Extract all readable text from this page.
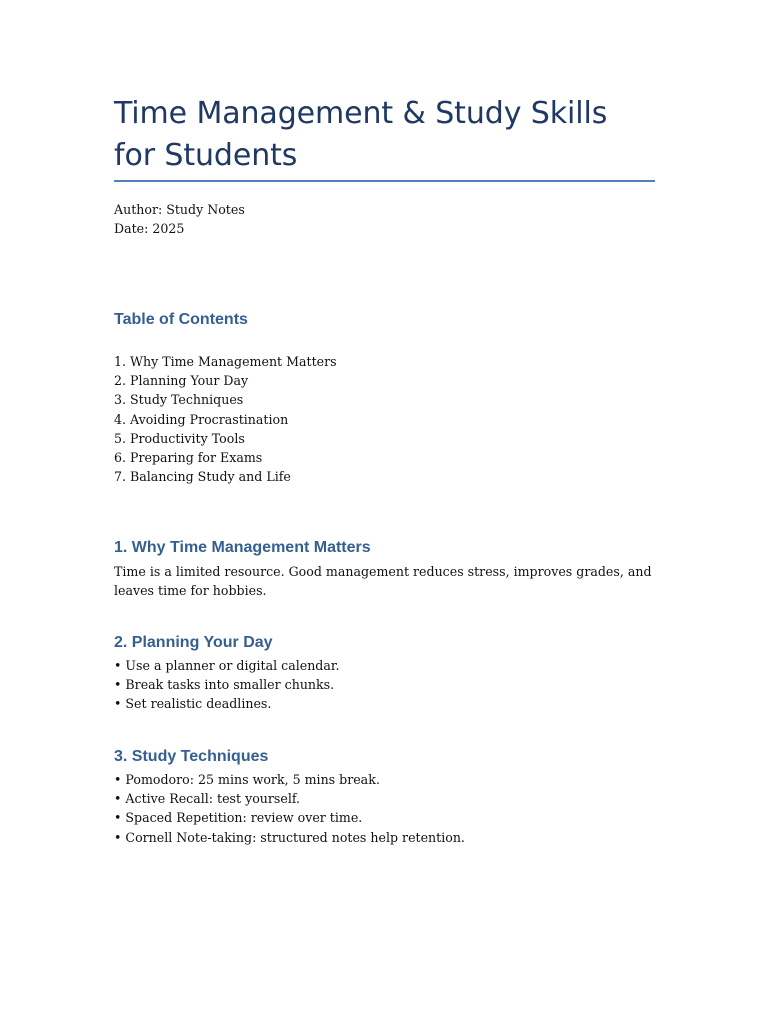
Time Management & Study Skills for Students
Author: Study Notes
Date: 2025
Table of Contents
1. Why Time Management Matters
2. Planning Your Day
3. Study Techniques
4. Avoiding Procrastination
5. Productivity Tools
6. Preparing for Exams
7. Balancing Study and Life
1. Why Time Management Matters
Time is a limited resource. Good management reduces stress, improves grades, and leaves time for hobbies.
2. Planning Your Day
• Use a planner or digital calendar.
• Break tasks into smaller chunks.
• Set realistic deadlines.
3. Study Techniques
• Pomodoro: 25 mins work, 5 mins break.
• Active Recall: test yourself.
• Spaced Repetition: review over time.
• Cornell Note-taking: structured notes help retention.
